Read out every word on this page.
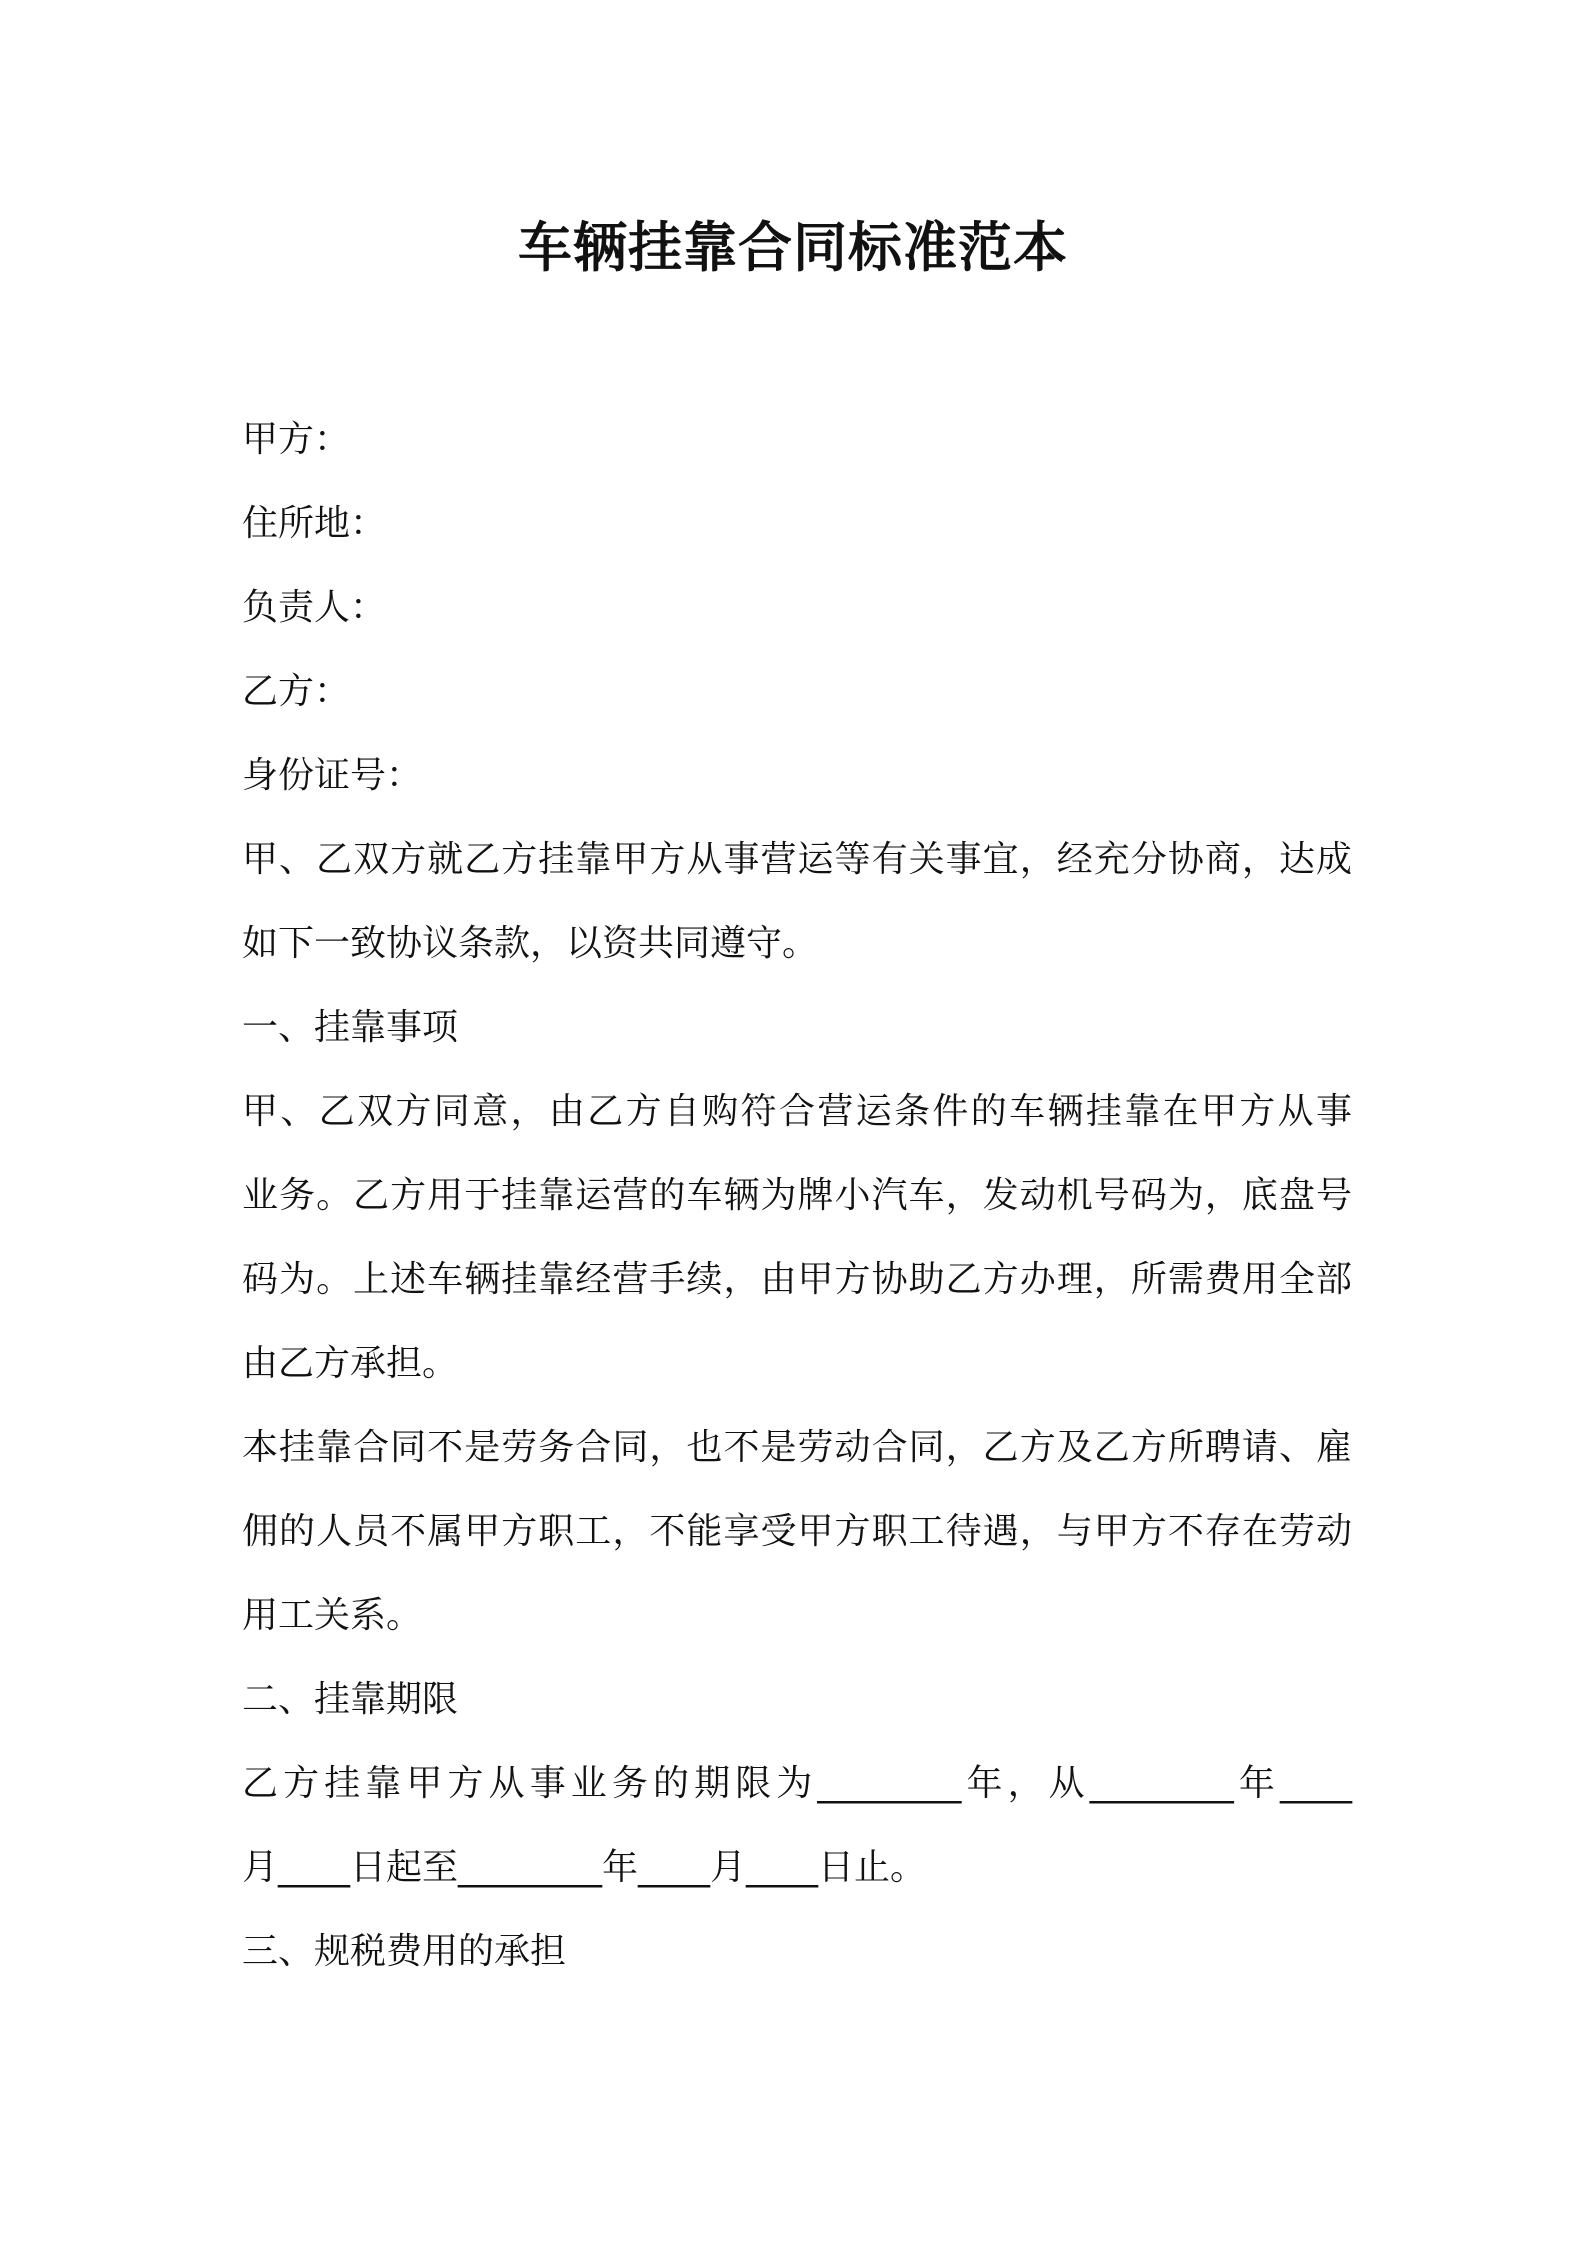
车辆挂靠合同标准范本
甲方：
住所地：
负责人：
乙方：
身份证号：
甲、乙双方就乙方挂靠甲方从事营运等有关事宜，经充分协商，达成
如下一致协议条款，以资共同遵守。
一、挂靠事项
甲、乙双方同意，由乙方自购符合营运条件的车辆挂靠在甲方从事
业务。乙方用于挂靠运营的车辆为牌小汽车，发动机号码为，底盘号
码为。上述车辆挂靠经营手续，由甲方协助乙方办理，所需费用全部
由乙方承担。
本挂靠合同不是劳务合同，也不是劳动合同，乙方及乙方所聘请、雇
佣的人员不属甲方职工，不能享受甲方职工待遇，与甲方不存在劳动
用工关系。
二、挂靠期限
乙方挂靠甲方从事业务的期限为________年，从________年____
月____日起至________年____月____日止。
三、规税费用的承担
